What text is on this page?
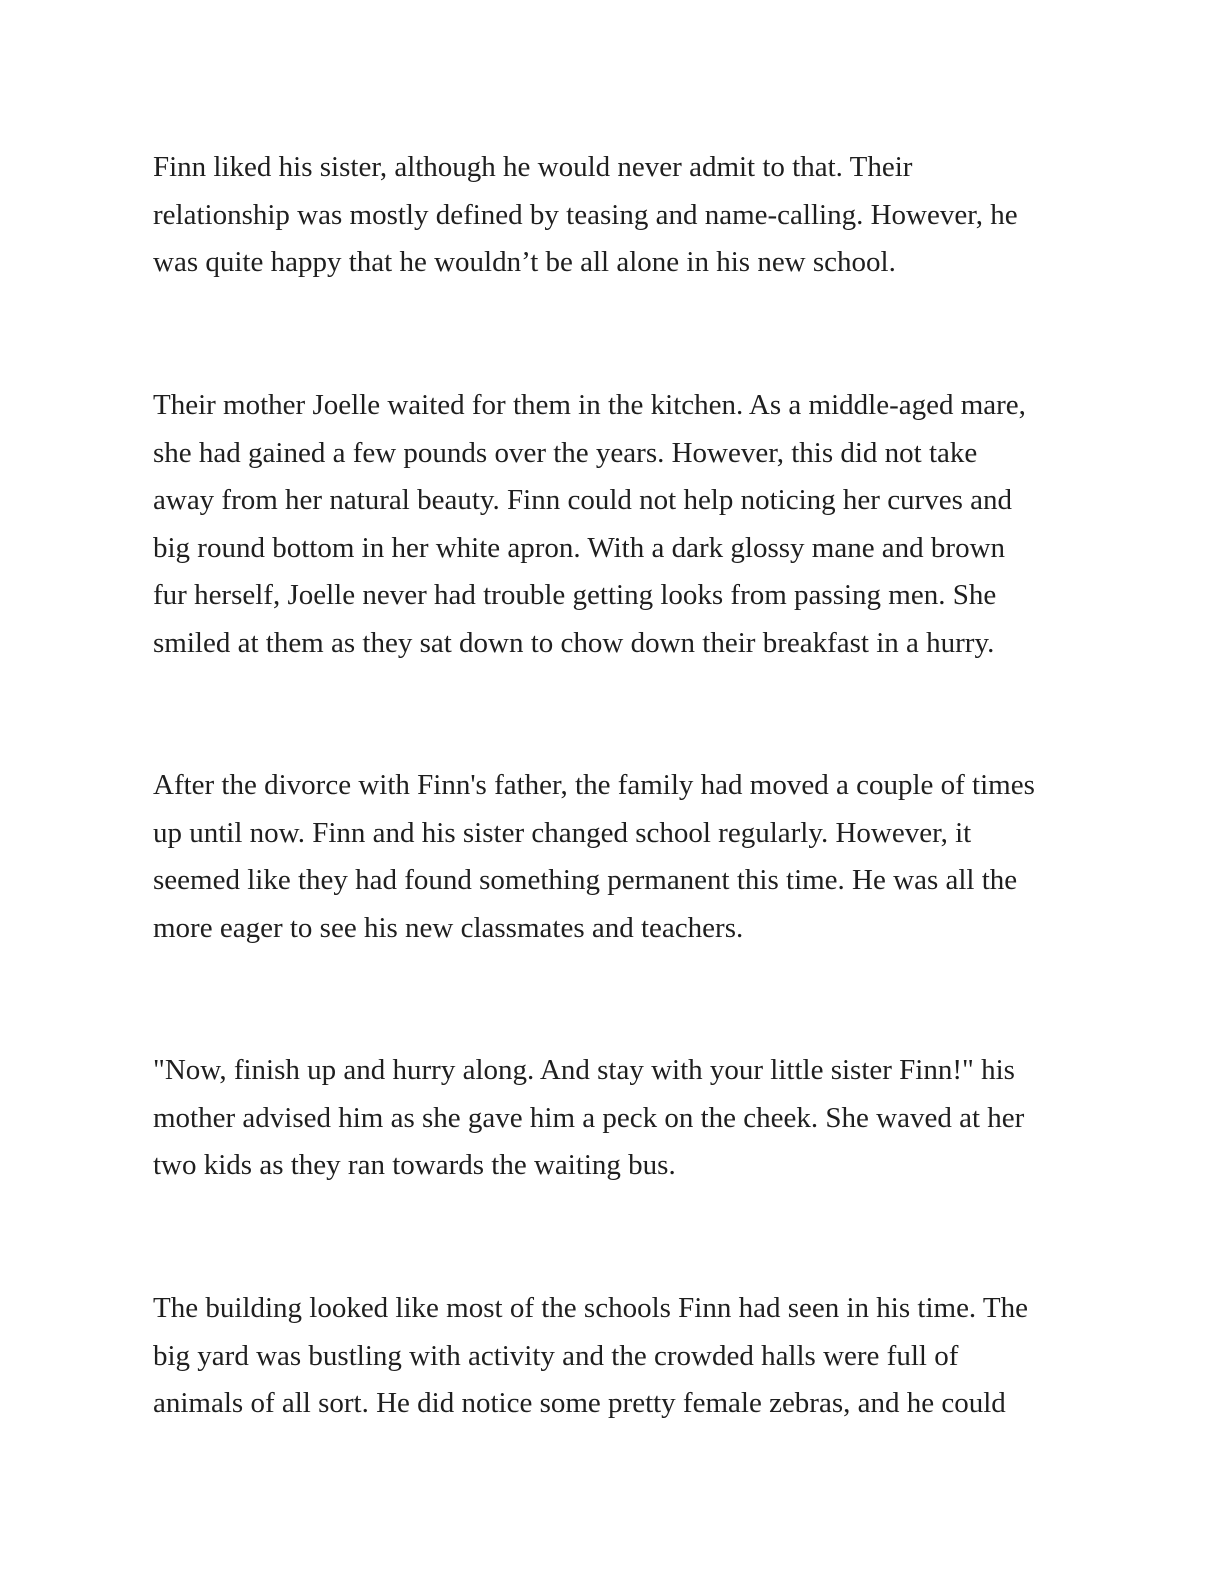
Finn liked his sister, although he would never admit to that. Their
relationship was mostly defined by teasing and name-calling. However, he
was quite happy that he wouldn’t be all alone in his new school.

Their mother Joelle waited for them in the kitchen. As a middle-aged mare,
she had gained a few pounds over the years. However, this did not take
away from her natural beauty. Finn could not help noticing her curves and
big round bottom in her white apron. With a dark glossy mane and brown
fur herself, Joelle never had trouble getting looks from passing men. She
smiled at them as they sat down to chow down their breakfast in a hurry.

After the divorce with Finn's father, the family had moved a couple of times
up until now. Finn and his sister changed school regularly. However, it
seemed like they had found something permanent this time. He was all the
more eager to see his new classmates and teachers.

"Now, finish up and hurry along. And stay with your little sister Finn!" his
mother advised him as she gave him a peck on the cheek. She waved at her
two kids as they ran towards the waiting bus.

The building looked like most of the schools Finn had seen in his time. The
big yard was bustling with activity and the crowded halls were full of
animals of all sort. He did notice some pretty female zebras, and he could
